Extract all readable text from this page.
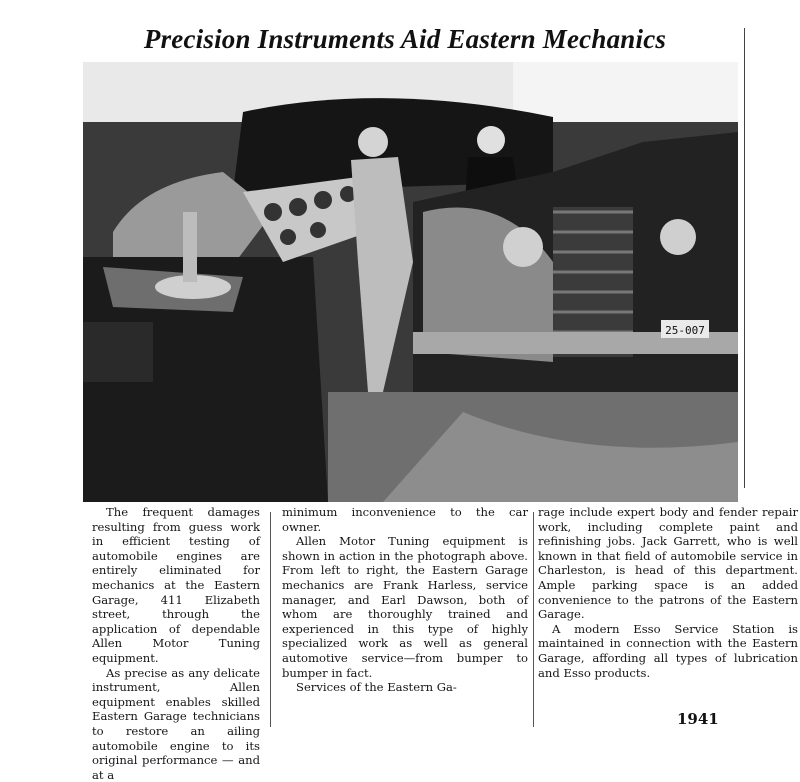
Precision Instruments Aid Eastern Mechanics
25-007

The frequent damages resulting from guess work in efficient testing of automobile engines are entirely eliminated for mechanics at the Eastern Garage, 411 Elizabeth street, through the application of dependable Allen Motor Tuning equipment.

As precise as any delicate instrument, Allen equipment enables skilled Eastern Garage technicians to restore an ailing automobile engine to its original performance — and at a

minimum inconvenience to the car owner.

Allen Motor Tuning equipment is shown in action in the photograph above. From left to right, the Eastern Garage mechanics are Frank Harless, service manager, and Earl Dawson, both of whom are thoroughly trained and experienced in this type of highly specialized work as well as general automotive service—from bumper to bumper in fact.

Services of the Eastern Ga-

rage include expert body and fender repair work, including complete paint and refinishing jobs. Jack Garrett, who is well known in that field of automobile service in Charleston, is head of this department. Ample parking space is an added convenience to the patrons of the Eastern Garage.

A modern Esso Service Station is maintained in connection with the Eastern Garage, affording all types of lubrication and Esso products.

1941
